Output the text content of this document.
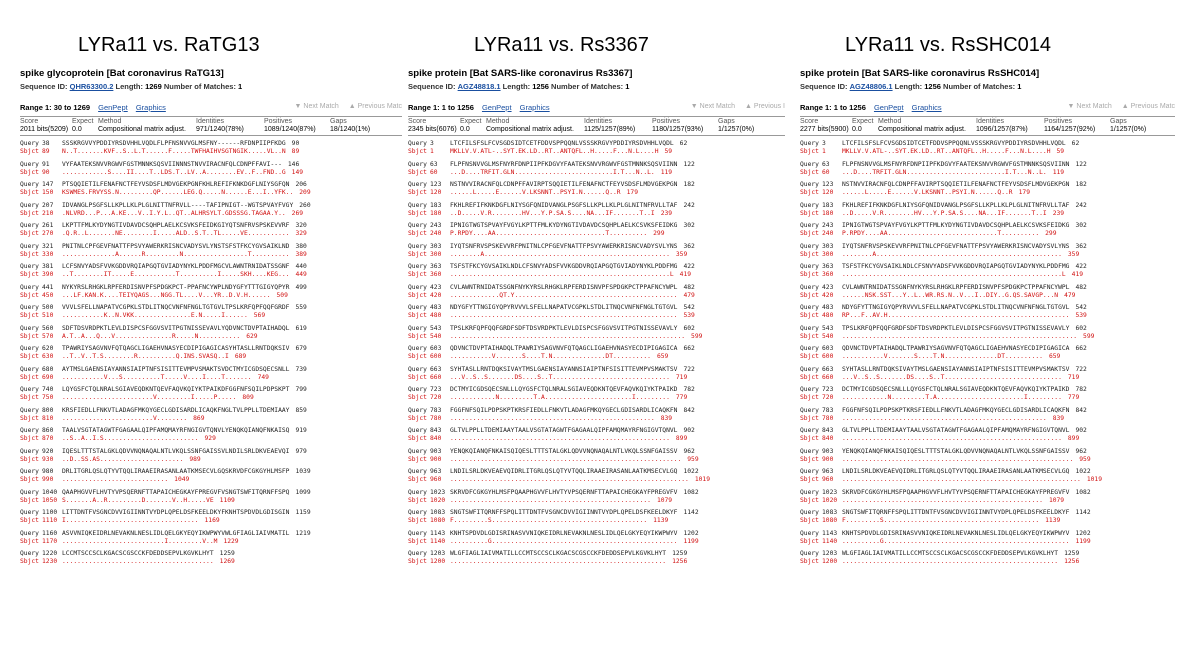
LYRa11 vs. RaTG13	LYRa11 vs. Rs3367	LYRa11 vs. RsSHC014
spike glycoprotein [Bat coronavirus RaTG13]
Sequence ID: QHR63300.2 Length: 1269 Number of Matches: 1
Range 1: 30 to 1269 GenPept Graphics	▼ Next Match ▲ Previous Matc
Score	Expect Method	Identities	Positives	Gaps
2011 bits(5209) 0.0	Compositional matrix adjust.	971/1240(78%)	1089/1240(87%)	18/1240(1%)
Query 38 SSSKRGVVYPDDIYRSDVHHLVQDLFLPFNSNVVGLMSFNY------RFDNPIIPFKDG 90
Sbjct 89 N..T.......KVF..S..L.T......F.....TWFHAIHVSGTNGIK.....VL..N 89
Query 91 VYFAATEKSNVVRGWVFGSTMNNKSQSVIINNNSTNVVIRACNFQLCDNPFFAVI--- 146
Sbjct 90 ............S....II....T..LDS.T..LV..A........EV..F..FND..G 149
Query 147 PTSQQIETILFENAFNCTFEYVSDSFLMDVGEKPGNFKHLREFIFKNKDGFLNIYSGFQN 206
Sbjct 150 KSWMES.FRVYSS.N.........QP......LEG.Q.....N......E...I..YFK.. 209
Query 207 IDVANGLPSGFSLLKPLLKLPLGLNITTNFRVLL----TAFIPNIGT--WGTSPVAYFVGY 260
Sbjct 210 .NLVRD...P...A.KE...V..I.Y.L..QT..ALHRSYLT.GDSSSG.TAGAA.Y.. 269
Query 261 LKPTTFMLKYDYNGTIVDAVDCSQHPLAELKCSVKSFEIDKGIYQTSNFRVSPSKEVVRF 320
Sbjct 270 .Q.R..L.......NE........I.....ALD..S.T..TL.....VE........... 329
Query 321 PNITNLCPFGEVFNATTFPSVYAWERKRISNCVADYSVLYNSTSFSTFKCYGVSAIKLND 380
Sbjct 330 ..............A......R.........N.................T.......... 389
Query 381 LCFSNVYADSFVVKGDDVRQIAPGQTGVIADYNYKLPDDFMGCVLAWNTRNIDATSSGNF 440
Sbjct 390 ..T........IT.....E...........T..........I.....SKH....KEG... 449
Query 441 NYKYRSLRHGKLRPFERDISNVPFSPDGKPCT-PPAFNCYWPLNDYGFYTTTGIGYQPYR 499
Sbjct 450 ...LF.KAN.K....TEIYQAGS...NGG.TL....V...YR..D.V.H...... 509
Query 500 VVVLSFELLNAPATVCGPKLSTDLITNQCVNFNFNGLTGTGVLTPSLKRFQPFQQFGRDF 559
Sbjct 510 ...........K..N.VKK...............E.N.....I...... 569
Query 560 SDFTDSVRDPKTLEVLDISPCSFGGVSVITPGTNISSEVAVLYQDVNCTDVPTAIHADQL 619
Sbjct 570 A.T..A...Q...V...............R.....N........... 629
Query 620 TPAWRIYSAGVNVFQTQAGCLIGAEHVNASYECDIPIGAGICASYHTASLLRNTDQKSIV 679
Sbjct 630 ..T..V..T.S........R..........Q.INS.SVASQ..I 689
Query 680 AYTMSLGAENSIAYANNSIAIPTNFSISITTEVMPVSMAKTSVDCTMYICGDSQECSNLL 739
Sbjct 690 ...........V...S..........T.....V....I....T....... 749
Query 740 LQYGSFCTQLNRALSGIAVEQDKNTQEVFAQVKQIYKTPAIKDFGGFNFSQILPDPSKPT 799
Sbjct 750 ........................V.........I.....P..... 809
Query 800 KRSFIEDLLFNKVTLADAGFMKQYGECLGDISARDLICAQKFNGLTVLPPLLTDEMIAAY 859
Sbjct 810 ........................V........ 869
Query 860 TAALVSGTATAGWTFGAGAALQIPFAMQMAYRFNGIGVTQNVLYENQKQIANQFNKAISQ 919
Sbjct 870 ..S..A..I.S......................... 929
Query 920 IQESLTTTSTALGKLQDVVNQNAQALNTLVKQLSSNFGAISSVLNDILSRLDKVEAEVQI 979
Sbjct 930 ..D..SS.AS...................... 989
Query 980 DRLITGRLQSLQTYVTQQLIRAAEIRASANLAATKMSECVLGQSKRVDFCGKGYHLMSFP 1039
Sbjct 990 ............................ 1049
Query 1040 QAAPHGVVFLHVTYVPSQERNFTTAPAICHEGKAYFPREGVFVSNGTSWFITQRNFFSPQ 1099
Sbjct 1050 S.......A..R.........D.......V..H.....VE 1109
Query 1100 LITTDNTFVSGNCDVVIGIINNTVYDPLQPELDSFKEELDKYFKNHTSPDVDLGDISGIN 1159
Sbjct 1110 I................................... 1169
Query 1160 ASVVNIQKEIDRLNEVAKNLNESLIDLQELGKYEQYIKWPWYVWLGFIAGLIAIVMATIL 1219
Sbjct 1170 ...........................I.........V..M 1229
Query 1220 LCCMTSCCSCLKGACSCGSCCKFDEDDSEPVLKGVKLHYT 1259
Sbjct 1230 ........................................ 1269
spike protein [Bat SARS-like coronavirus Rs3367]
Sequence ID: AGZ48818.1 Length: 1256 Number of Matches: 1
Range 1: 1 to 1256 GenPept Graphics	▼ Next Match ▲ Previous I
Score	Expect Method	Identities	Positives	Gaps
2345 bits(6076) 0.0	Compositional matrix adjust.	1125/1257(89%)	1180/1257(93%)	1/1257(0%)
Query 3	LTCFILSFSLFCVSGDSIDTCETFDDVSPPQQNLVSSSKRGVYPDDIYRSDVHHLVQDL 62
Sbjct 1	MKLLV.V.ATL-..SYT.EK.LD..RT..ANTQFL..H.....F...N.L....H 59
Query 63 FLPFNSNVVGLMSFNYRFDNPIIPFKDGVYFAATEKSNVVRGWVFGSTMNNKSQSVIINN 122
Sbjct 60 ...D....TRFIT.GLN..........................I.T...N..L. 119
Query 123 NSTNVVIRACNFQLCDNPFFAVIRPTSQQIETILFENAFNCTFEYVSDSFLMDVGEKPGN 182
Sbjct 120 ......L.....E......V.LKSNNT..PSYI.N......Q..R 179
Query 183 FKHLREFIFKNKDGFLNIYSGFQNIDVANGLPSGFSLLKPLLKLPLGLNITNFRVLLTAF 242
Sbjct 180 ..D.....V.R........HV...Y.P.SA.S....NA...IF.......T..I 239
Query 243 IPNIGTWGTSPVAYFVGYLKPTTFMLKYDYNGTIVDAVDCSQHPLAELKCSVKSFEIDKG 302
Sbjct 240 P.RPDY....AA.............................T.......... 299
Query 303 IYQTSNFRVSPSKEVVRFPNITNLCPFGEVFNATTFPSVYAWERKRISNCVADYSVLYNS 362
Sbjct 300 ........A................................................. 359
Query 363 TSFSTFKCYGVSAIKLNDLCFSNVYADSFVVKGDDVRQIAPGQTGVIADYNYKLPDDFMG 422
Sbjct 360 ..........................................................L 419
Query 423 CVLAWNTRNIDATSSGNFNYKYRSLRHGKLRPFERDISNVPFSPDGKPCTPPAFNCYWPL 482
Sbjct 420 .............QT.Y........................................... 479
Query 483 NDYGFYTTNGIGYQPYRVVVLSFELLNAPATVCGPKLSTDLITNQCVNFNFNGLTGTGVL 542
Sbjct 480 ............................................................ 539
Query 543 TPSLKRFQPFQQFGRDFSDFTDSVRDPKTLEVLDISPCSFGGVSVITPGTNISSEVAVLY 602
Sbjct 540 .............................................................. 599
Query 603 QDVNCTDVPTAIHADQLTPAWRIYSAGVNVFQTQAGCLIGAEHVNASYECDIPIGAGICA 662
Sbjct 600 ...........V.......S....T.N..............DT.......... 659
Query 663 SYHTASLLRNTDQKSIVAYTMSLGAENSIAYANNSIAIPTNFSISITTEVMPVSMAKTSV 722
Sbjct 660 ...V..S..S.......DS....S..T............................... 719
Query 723 DCTMYICGDSQECSNLLLQYGSFCTQLNRALSGIAVEQDKNTQEVFAQVKQIYKTPAIKD 782
Sbjct 720 ............N.........T.A.......................I......... 779
Query 783 FGGFNFSQILPDPSKPTKRSFIEDLLFNKVTLADAGFMKQYGECLGDISARDLICAQKFN 842
Sbjct 780 ...................................................... 839
Query 843 GLTVLPPLLTDEMIAAYTAALVSGTATAGWTFGAGAALQIPFAMQMAYRFNGIGVTQNVL 902
Sbjct 840 .......................................................... 899
Query 903 YENQKQIANQFNKAISQIQESLTTTSTALGKLQDVVNQNAQALNTLVKQLSSNFGAISSV 962
Sbjct 900 ............................................................. 959
Query 963 LNDILSRLDKVEAEVQIDRLITGRLQSLQTYVTQQLIRAAEIRASANLAATKMSECVLGQ 1022
Sbjct 960 ............................................................... 1019
Query 1023 SKRVDFCGKGYHLMSFPQAAPHGVVFLHVTYVPSQERNFTTAPAICHEGKAYFPREGVFV 1082
Sbjct 1020 ..................................................... 1079
Query 1083 SNGTSWFITQRNFFSPQLITTDNTFVSGNCDVVIGIINNTVYDPLQPELDSFKEELDKYF 1142
Sbjct 1080 F.........S......................................... 1139
Query 1143 KNHTSPDVDLGDISRINASVVNIQKEIDRLNEVAKNLNESLIDLQELGKYEQYIKWPWYV 1202
Sbjct 1140 ..........G................................................. 1199
Query 1203 WLGFIAGLIAIVMATILLCCMTSCCSCLKGACSCGSCCKFDEDDSEPVLKGVKLHYT 1259
Sbjct 1200 ......................................................... 1256
spike protein [Bat SARS-like coronavirus RsSHC014]
Sequence ID: AGZ48806.1 Length: 1256 Number of Matches: 1
Range 1: 1 to 1256 GenPept Graphics	▼ Next Match ▲ Previous Matc
Score	Expect Method	Identities	Positives	Gaps
2277 bits(5900) 0.0	Compositional matrix adjust.	1096/1257(87%)	1164/1257(92%)	1/1257(0%)
Query 3	LTCFILSFSLFCVSGDSIDTCETFDDVSPPQQNLVSSSKRGVYPDDIYRSDVHHLVQDL 62
Sbjct 1	MKLLV.V.ATL-..SYT.EK.LD..RT..ANTQFL..H.....F...N.L....H 59
Query 63 FLPFNSNVVGLMSFNYRFDNPIIPFKDGVYFAATEKSNVVRGWVFGSTMNNKSQSVIINN 122
Sbjct 60 ...D....TRFIT.GLN..........................I.T...N..L. 119
Query 123 NSTNVVIRACNFQLCDNPFFAVIRPTSQQIETILFENAFNCTFEYVSDSFLMDVGEKPGN 182
Sbjct 120 ......L.....E......V.LKSNNT..PSYI.N......Q..R 179
Query 183 FKHLREFIFKNKDGFLNIYSGFQNIDVANGLPSGFSLLKPLLKLPLGLNITNFRVLLTAF 242
Sbjct 180 ..D.....V.R........HV...Y.P.SA.S....NA...IF.......T..I 239
Query 243 IPNIGTWGTSPVAYFVGYLKPTTFMLKYDYNGTIVDAVDCSQHPLAELKCSVKSFEIDKG 302
Sbjct 240 P.RPDY....AA.............................T.......... 299
Query 303 IYQTSNFRVSPSKEVVRFPNITNLCPFGEVFNATTFPSVYAWERKRISNCVADYSVLYNS 362
Sbjct 300 ........A................................................. 359
Query 363 TSFSTFKCYGVSAIKLNDLCFSNVYADSFVVKGDDVRQIAPGQTGVIADYNYKLPDDFMG 422
Sbjct 360 ..........................................................L 419
Query 423 CVLAWNTRNIDATSSGNFNYKYRSLRHGKLRPFERDISNVPFSPDGKPCTPPAFNCYWPL 482
Sbjct 420 ......NSK.SST...Y..L..WR.RS.N..V...I..DIY..G.QS.SAVGP...N 479
Query 483 NDYGFYTTNGIGYQPYRVVVLSFELLNAPATVCGPKLSTDLITNQCVNFNFNGLTGTGVL 542
Sbjct 480 RP...F..AV.H................................................ 539
Query 543 TPSLKRFQPFQQFGRDFSDFTDSVRDPKTLEVLDISPCSFGGVSVITPGTNISSEVAVLY 602
Sbjct 540 .............................................................. 599
Query 603 QDVNCTDVPTAIHADQLTPAWRIYSAGVNVFQTQAGCLIGAEHVNASYECDIPIGAGICA 662
Sbjct 600 ...........V.......S....T.N..............DT.......... 659
Query 663 SYHTASLLRNTDQKSIVAYTMSLGAENSIAYANNSIAIPTNFSISITTEVMPVSMAKTSV 722
Sbjct 660 ...V..S..S.......DS....S..T............................... 719
Query 723 DCTMYICGDSQECSNLLLQYGSFCTQLNRALSGIAVEQDKNTQEVFAQVKQIYKTPAIKD 782
Sbjct 720 ............N.........T.A.......................I......... 779
Query 783 FGGFNFSQILPDPSKPTKRSFIEDLLFNKVTLADAGFMKQYGECLGDISARDLICAQKFN 842
Sbjct 780 ...................................................... 839
Query 843 GLTVLPPLLTDEMIAAYTAALVSGTATAGWTFGAGAALQIPFAMQMAYRFNGIGVTQNVL 902
Sbjct 840 .......................................................... 899
Query 903 YENQKQIANQFNKAISQIQESLTTTSTALGKLQDVVNQNAQALNTLVKQLSSNFGAISSV 962
Sbjct 900 ............................................................. 959
Query 963 LNDILSRLDKVEAEVQIDRLITGRLQSLQTYVTQQLIRAAEIRASANLAATKMSECVLGQ 1022
Sbjct 960 ............................................................... 1019
Query 1023 SKRVDFCGKGYHLMSFPQAAPHGVVFLHVTYVPSQERNFTTAPAICHEGKAYFPREGVFV 1082
Sbjct 1020 ..................................................... 1079
Query 1083 SNGTSWFITQRNFFSPQLITTDNTFVSGNCDVVIGIINNTVYDPLQPELDSFKEELDKYF 1142
Sbjct 1080 F.........S......................................... 1139
Query 1143 KNHTSPDVDLGDISRINASVVNIQKEIDRLNEVAKNLNESLIDLQELGKYEQYIKWPWYV 1202
Sbjct 1140 ..........G................................................. 1199
Query 1203 WLGFIAGLIAIVMATILLCCMTSCCSCLKGACSCGSCCKFDEDDSEPVLKGVKLHYT 1259
Sbjct 1200 ......................................................... 1256
